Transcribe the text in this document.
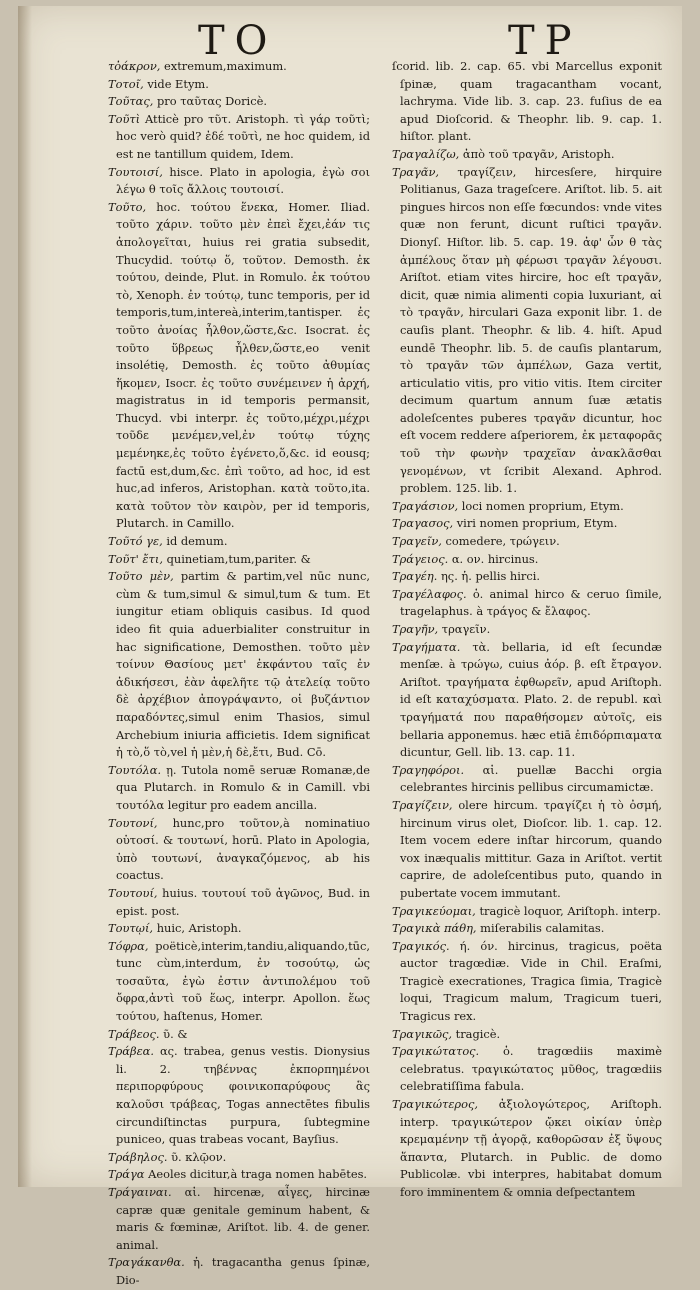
TO	TP

τὀάκρον, extremum,maximum.

Τοτοῖ, vide Etym.

Τοῦτας, pro ταῦτας Doricè.

Τοῦτὶ Atticè pro τῦτ. Aristoph. τὶ γάρ τοῦτὶ; hoc verò quid? ἐδέ τοῦτὶ, ne hoc quidem, id est ne tantillum quidem, Idem.

Τουτοισί, hisce. Plato in apologia, ἐγὼ σοι λέγω θ τοῖς ἄλλοις τουτοισί.

Τοῦτο, hoc. τούτου ἕνεκα, Homer. Iliad. τοῦτο χάριν. τοῦτο μὲν ἐπεὶ ἔχει,ἐάν τις ἀπολογεῖται, huius rei gratia subsedit, Thucydid. τούτῳ ὅ, τοῦτον. Demosth. ἐκ τούτου, deinde, Plut. in Romulo. ἐκ τούτου τὸ, Xenoph. ἐν τούτῳ, tunc temporis, per id temporis,tum,intereà,interim,tantisper. ἐς τοῦτο ἀνοίας ἦλθον,ὥστε,&c. Isocrat. ἐς τοῦτο ὕβρεως ἦλθεν,ὥστε,eo venit insolétię, Demosth. ἐς τοῦτο ἀθυμίας ἥκομεν, Isocr. ἐς τοῦτο συνέμεινεν ἡ ἀρχή, magistratus in id temporis permansit, Thucyd. vbi interpr. ἐς τοῦτο,μέχρι,μέχρι τοῦδε μενέμεν,vel,ἐν τούτῳ τύχης μεμένηκε,ἐς τοῦτο ἐγένετο,ὅ,&c. id eousq; factū est,dum,&c. ἐπὶ τοῦτο, ad hoc, id est huc,ad inferos, Aristophan. κατὰ τοῦτο,ita. κατὰ τοῦτον τὸν καιρὸν, per id temporis, Plutarch. in Camillo.

Τοῦτό γε, id demum.

Τοῦτ' ἔτι, quinetiam,tum,pariter. &

Τοῦτο μὲν, partim & partim,vel nūc nunc, cùm & tum,simul & simul,tum & tum. Et iungitur etiam obliquis casibus. Id quod ideo fit quia aduerbialiter construitur in hac significatione, Demosthen. τοῦτο μὲν τοίνυν Θασίους μετ' ἐκφάντου ταῖς ἐν ἀδικήσεσι, ἐὰν ἀφελῆτε τῷ ἀτελείᾳ τοῦτο δὲ ἀρχέβιον ἀπογράψαντο, οἱ βυζάντιον παραδόντες,simul enim Thasios, simul Archebium iniuria afficietis. Idem significat ἡ τὸ,ὅ τὸ,vel ἡ μὲν,ἡ δὲ,ἔτι, Bud. Cō.

Τουτόλα. ῃ. Tutola nomē seruæ Romanæ,de qua Plutarch. in Romulo & in Camill. vbi τουτόλα legitur pro eadem ancilla.

Τουτονί, hunc,pro τοῦτον,à nominatiuo οὑτοσί. & τουτωνί, horū. Plato in Apologia, ὑπὸ τουτωνί, ἀναγκαζόμενος, ab his coactus.

Τουτουί, huius. τουτουί τοῦ ἀγῶνος, Bud. in epist. post.

Τουτῳί, huic, Aristoph.

Τόφρα, poëticè,interim,tandiu,aliquando,tūc, tunc cùm,interdum, ἐν τοσούτῳ, ὡς τοσαῦτα, ἐγὼ ἐστιν ἀντιπολέμου τοῦ ὄφρα,ἀντὶ τοῦ ἕως, interpr. Apollon. ἕως τούτου, haſtenus, Homer.

Τράβεος. ῦ. &

Τράβεα. ας. trabea, genus vestis. Dionysius li. 2. τηβέννας ἐκπορπημένοι περιπορφύρους φοινικοπαρύφους ἃς καλοῦσι τράβεας, Togas annectētes fibulis circundiſtinctas purpura, ſubtegmine puniceo, quas trabeas vocant, Bayſius.

Τράβηλος. ῦ. κλῷον.

Τράγα Aeoles dicitur,à traga nomen habētes.

Τράγαιναι. αἱ. hircenæ, αἶγες, hircinæ capræ quæ genitale geminum habent, & maris & fœminæ, Ariſtot. lib. 4. de gener. animal.

Τραγάκανθα. ἡ. tragacantha genus ſpinæ, Dio-

ſcorid. lib. 2. cap. 65. vbi Marcellus exponit ſpinæ, quam tragacantham vocant, lachryma. Vide lib. 3. cap. 23. fuſius de ea apud Dioſcorid. & Theophr. lib. 9. cap. 1. hiſtor. plant.

Τραγαλίζω, ἀπὸ τοῦ τραγᾶν, Aristoph.

Τραγᾶν, τραγίζειν, hircesſere, hirquire Politianus, Gaza trageſcere. Ariſtot. lib. 5. ait pingues hircos non eſſe fœcundos: vnde vites quæ non ferunt, dicunt ruſtici τραγᾶν. Dionyſ. Hiſtor. lib. 5. cap. 19. ἀφ' ὧν θ τὰς ἀμπέλους ὅταν μὴ φέρωσι τραγᾶν λέγουσι. Ariſtot. etiam vites hircire, hoc eſt τραγᾶν, dicit, quæ nimia alimenti copia luxuriant, αἱ τὸ τραγᾶν, hirculari Gaza exponit libr. 1. de cauſis plant. Theophr. & lib. 4. hiſt. Apud eundē Theophr. lib. 5. de cauſis plantarum, τὸ τραγᾶν τῶν ἀμπέλων, Gaza vertit, articulatio vitis, pro vitio vitis. Item circiter decimum quartum annum ſuæ ætatis adoleſcentes puberes τραγᾶν dicuntur, hoc eſt vocem reddere aſperiorem, ἐκ μεταφορᾶς τοῦ τὴν φωνὴν τραχεῖαν ἀνακλᾶσθαι γενομένων, vt ſcribit Alexand. Aphrod. problem. 125. lib. 1.

Τραγάσιον, loci nomen proprium, Etym.

Τραγασος, viri nomen proprium, Etym.

Τραγεῖν, comedere, τρώγειν.

Τράγειος. α. ον. hircinus.

Τραγέη. ης. ἡ. pellis hirci.

Τραγέλαφος. ὁ. animal hirco & ceruo ſimile, tragelaphus. à τράγος & ἔλαφος.

Τραγῆν, τραγεῖν.

Τραγήματα. τὰ. bellaria, id eſt ſecundæ menſæ. à τρώγω, cuius ἀόρ. β. eſt ἔτραγον. Ariſtot. τραγήματα ἐφθωρεῖν, apud Ariſtoph. id eſt καταχύσματα. Plato. 2. de republ. καὶ τραγήματά που παραθήσομεν αὐτοῖς, eis bellaria apponemus. hæc etiā ἐπιδόρπιαματα dicuntur, Gell. lib. 13. cap. 11.

Τραγηφόροι. αἱ. puellæ Bacchi orgia celebrantes hircinis pellibus circumamictæ.

Τραγίζειν, olere hircum. τραγίζει ἡ τὸ ὀσμή, hircinum virus olet, Dioſcor. lib. 1. cap. 12. Item vocem edere inſtar hircorum, quando vox inæqualis mittitur. Gaza in Ariſtot. vertit caprire, de adoleſcentibus puto, quando in pubertate vocem immutant.

Τραγικεύομαι, tragicè loquor, Ariſtoph. interp.

Τραγικὰ πάθη, miſerabilis calamitas.

Τραγικός. ή. όν. hircinus, tragicus, poëta auctor tragœdiæ. Vide in Chil. Eraſmi, Tragicè execrationes, Tragica ſimia, Tragicè loqui, Tragicum malum, Tragicum tueri, Tragicus rex.

Τραγικῶς, tragicè.

Τραγικώτατος. ὁ. tragœdiis maximè celebratus. τραγικώτατος μῦθος, tragœdiis celebratiſſima fabula.

Τραγικώτερος, ἀξιολογώτερος, Ariſtoph. interp. τραγικώτερον ᾤκει οἰκίαν ὑπὲρ κρεμαμένην τῇ ἀγορᾷ, καθορῶσαν ἐξ ὕψους ἅπαντα, Plutarch. in Public. de domo Publicolæ. vbi interpres, habitabat domum foro imminentem & omnia deſpectantem
